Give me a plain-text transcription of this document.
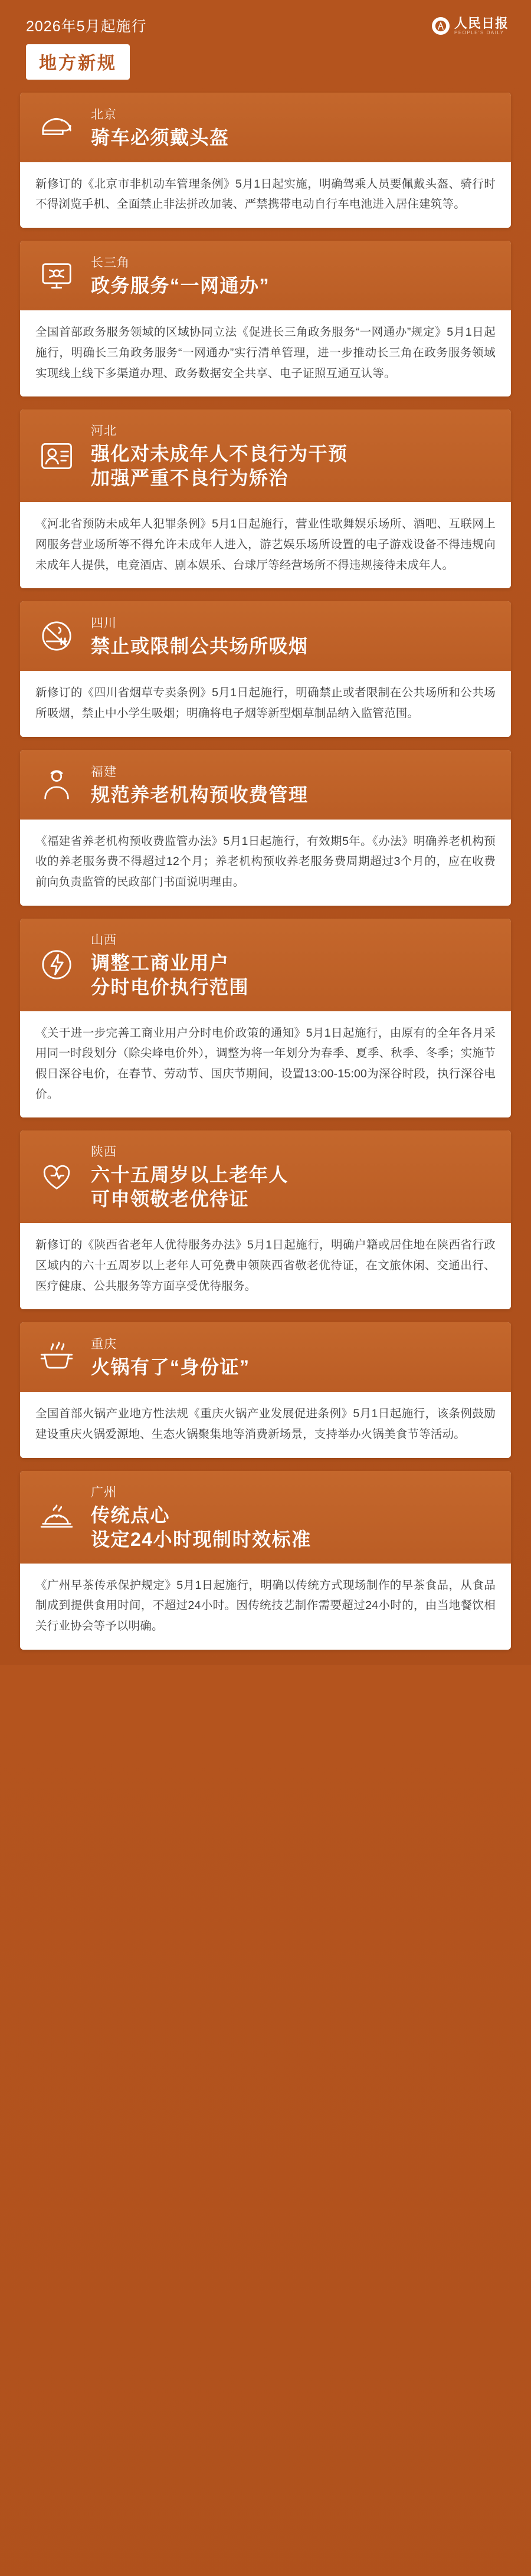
2026年5月起施行	人民日报
PEOPLE'S DAILY
地方新规
北京
骑车必须戴头盔

新修订的《北京市非机动车管理条例》5月1日起实施，明确驾乘人员要佩戴头盔、骑行时不得浏览手机、全面禁止非法拼改加装、严禁携带电动自行车电池进入居住建筑等。

长三角
政务服务“一网通办”

全国首部政务服务领域的区域协同立法《促进长三角政务服务“一网通办”规定》5月1日起施行，明确长三角政务服务“一网通办”实行清单管理，进一步推动长三角在政务服务领域实现线上线下多渠道办理、政务数据安全共享、电子证照互通互认等。

河北
强化对未成年人不良行为干预
加强严重不良行为矫治

《河北省预防未成年人犯罪条例》5月1日起施行，营业性歌舞娱乐场所、酒吧、互联网上网服务营业场所等不得允许未成年人进入，游艺娱乐场所设置的电子游戏设备不得违规向未成年人提供，电竞酒店、剧本娱乐、台球厅等经营场所不得违规接待未成年人。

四川
禁止或限制公共场所吸烟

新修订的《四川省烟草专卖条例》5月1日起施行，明确禁止或者限制在公共场所和公共场所吸烟，禁止中小学生吸烟；明确将电子烟等新型烟草制品纳入监管范围。

福建
规范养老机构预收费管理

《福建省养老机构预收费监管办法》5月1日起施行，有效期5年。《办法》明确养老机构预收的养老服务费不得超过12个月；养老机构预收养老服务费周期超过3个月的，应在收费前向负责监管的民政部门书面说明理由。

山西
调整工商业用户
分时电价执行范围

《关于进一步完善工商业用户分时电价政策的通知》5月1日起施行，由原有的全年各月采用同一时段划分（除尖峰电价外），调整为将一年划分为春季、夏季、秋季、冬季；实施节假日深谷电价，在春节、劳动节、国庆节期间，设置13:00-15:00为深谷时段，执行深谷电价。

陕西
六十五周岁以上老年人
可申领敬老优待证

新修订的《陕西省老年人优待服务办法》5月1日起施行，明确户籍或居住地在陕西省行政区域内的六十五周岁以上老年人可免费申领陕西省敬老优待证，在文旅休闲、交通出行、医疗健康、公共服务等方面享受优待服务。

重庆
火锅有了“身份证”

全国首部火锅产业地方性法规《重庆火锅产业发展促进条例》5月1日起施行，该条例鼓励建设重庆火锅爱源地、生态火锅聚集地等消费新场景，支持举办火锅美食节等活动。

广州
传统点心
设定24小时现制时效标准

《广州早茶传承保护规定》5月1日起施行，明确以传统方式现场制作的早茶食品，从食品制成到提供食用时间，不超过24小时。因传统技艺制作需要超过24小时的，由当地餐饮相关行业协会等予以明确。
